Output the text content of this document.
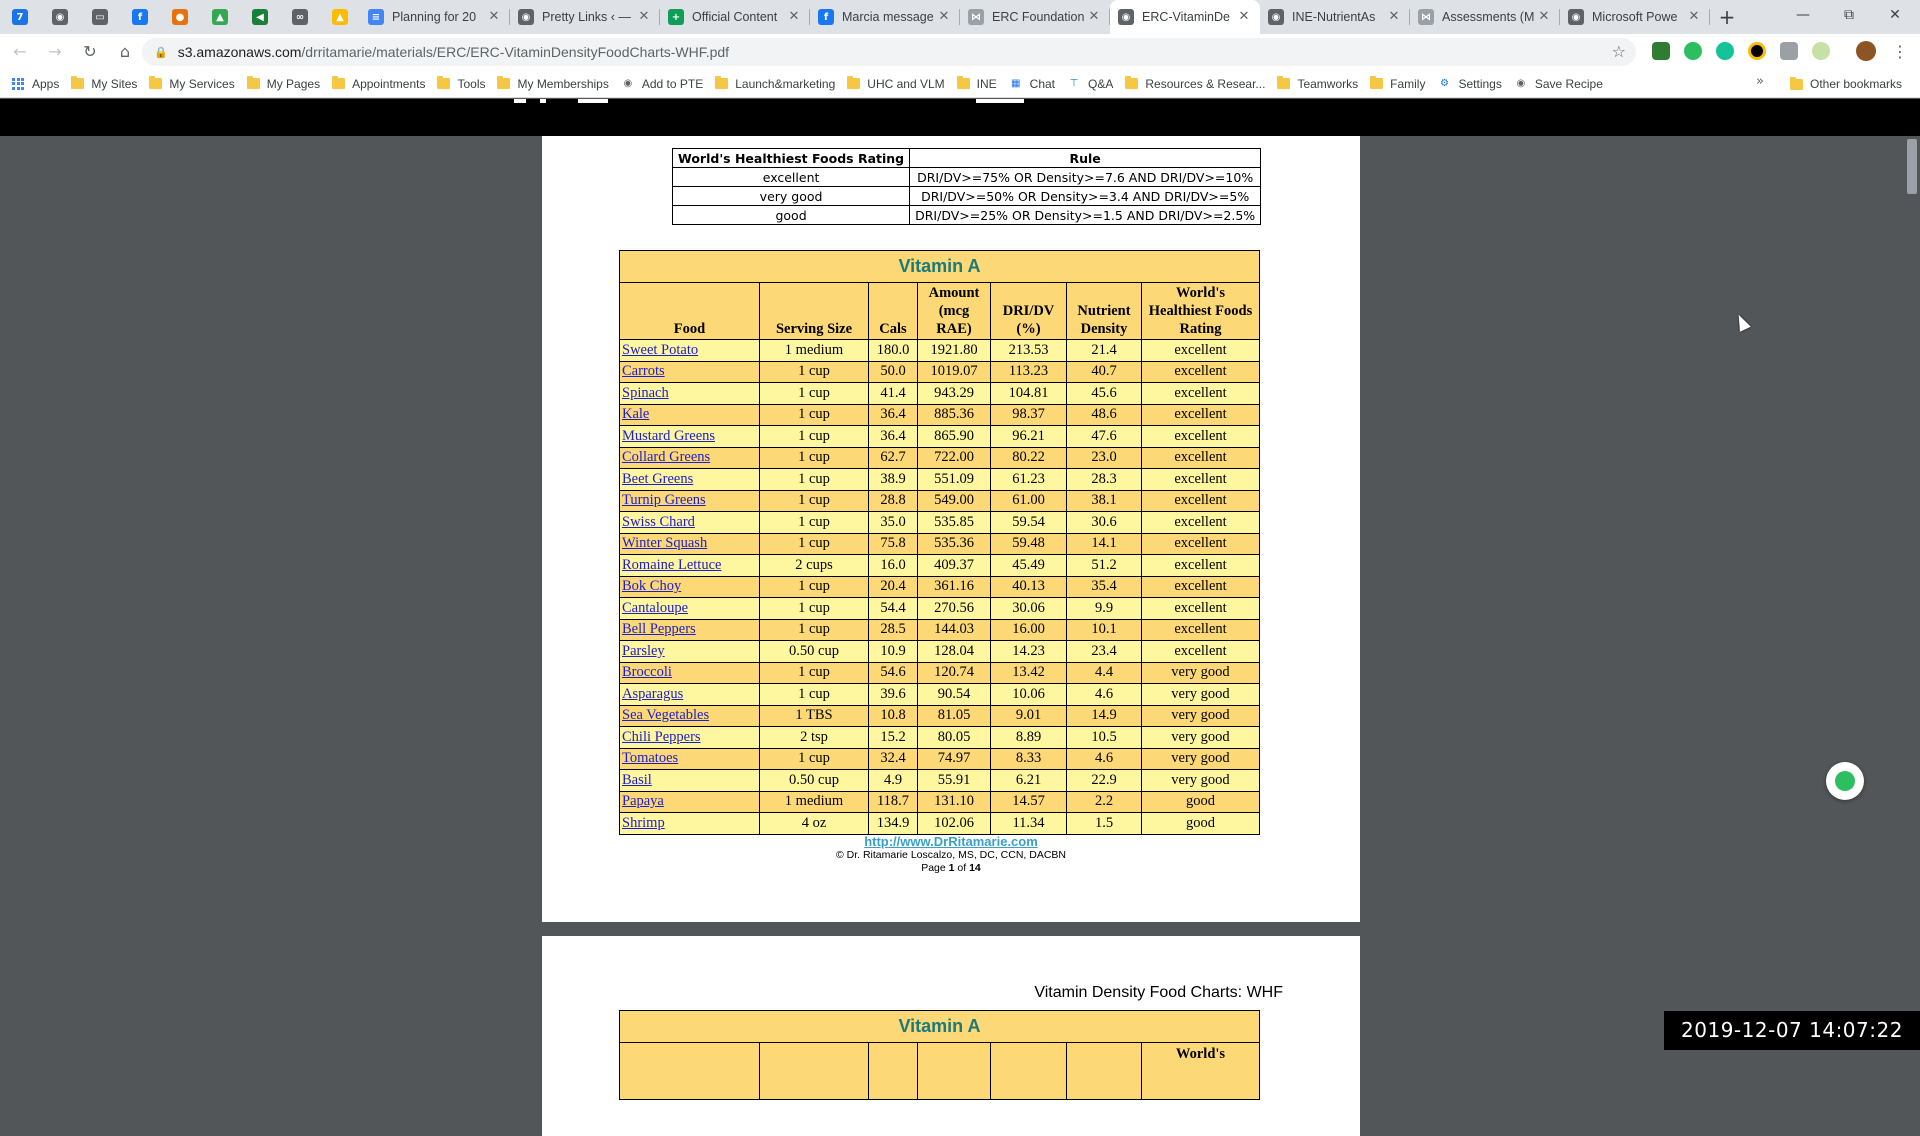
7	◉	▭	f	●	▲	◀	∞	▲	≡ Planning for 20 ✕	◉ Pretty Links ‹ — ✕	+ Official Content ✕	f	Marcia message ✕	⋈ ERC Foundation ✕	◉ ERC-VitaminDe ✕	◉ INE-NutrientAs	✕	⋈ Assessments (M ✕	◉ Microsoft Powe ✕ +	—	⧉	✕
←	→	↻	⌂	🔒 s3.amazonaws.com/drritamarie/materials/ERC/ERC-VitaminDensityFoodCharts-WHF.pdf	☆	⋮
Apps	My Sites	My Services	My Pages	Appointments	Tools	My Memberships ◉ Add to PTE	Launch&marketing	UHC and VLM	INE ▦ Chat ⊤ Q&A	Resources & Resear...	Teamworks	Family ⚙ Settings ◉ Save Recipe	»	Other bookmarks
World's Healthiest Foods Rating	Rule
excellent	DRI/DV>=75% OR Density>=7.6 AND DRI/DV>=10%
very good	DRI/DV>=50% OR Density>=3.4 AND DRI/DV>=5%
good	DRI/DV>=25% OR Density>=1.5 AND DRI/DV>=2.5%
Vitamin A						
Food	Serving Size	Cals	Amount (mcg RAE)	DRI/DV (%)	Nutrient Density	World's Healthiest Foods Rating
Sweet Potato	1 medium	180.0	1921.80	213.53	21.4	excellent
Carrots	1 cup	50.0	1019.07	113.23	40.7	excellent
Spinach	1 cup	41.4	943.29	104.81	45.6	excellent
Kale	1 cup	36.4	885.36	98.37	48.6	excellent
Mustard Greens	1 cup	36.4	865.90	96.21	47.6	excellent
Collard Greens	1 cup	62.7	722.00	80.22	23.0	excellent
Beet Greens	1 cup	38.9	551.09	61.23	28.3	excellent
Turnip Greens	1 cup	28.8	549.00	61.00	38.1	excellent
Swiss Chard	1 cup	35.0	535.85	59.54	30.6	excellent
Winter Squash	1 cup	75.8	535.36	59.48	14.1	excellent
Romaine Lettuce	2 cups	16.0	409.37	45.49	51.2	excellent
Bok Choy	1 cup	20.4	361.16	40.13	35.4	excellent
Cantaloupe	1 cup	54.4	270.56	30.06	9.9	excellent
Bell Peppers	1 cup	28.5	144.03	16.00	10.1	excellent
Parsley	0.50 cup	10.9	128.04	14.23	23.4	excellent
Broccoli	1 cup	54.6	120.74	13.42	4.4	very good
Asparagus	1 cup	39.6	90.54	10.06	4.6	very good
Sea Vegetables	1 TBS	10.8	81.05	9.01	14.9	very good
Chili Peppers	2 tsp	15.2	80.05	8.89	10.5	very good
Tomatoes	1 cup	32.4	74.97	8.33	4.6	very good
Basil	0.50 cup	4.9	55.91	6.21	22.9	very good
Papaya	1 medium	118.7	131.10	14.57	2.2	good
Shrimp	4 oz	134.9	102.06	11.34	1.5	good
http://www.DrRitamarie.com
© Dr. Ritamarie Loscalzo, MS, DC, CCN, DACBN
Page 1 of 14
Vitamin Density Food Charts: WHF
Vitamin A
						World's
2019-12-07 14:07:22
